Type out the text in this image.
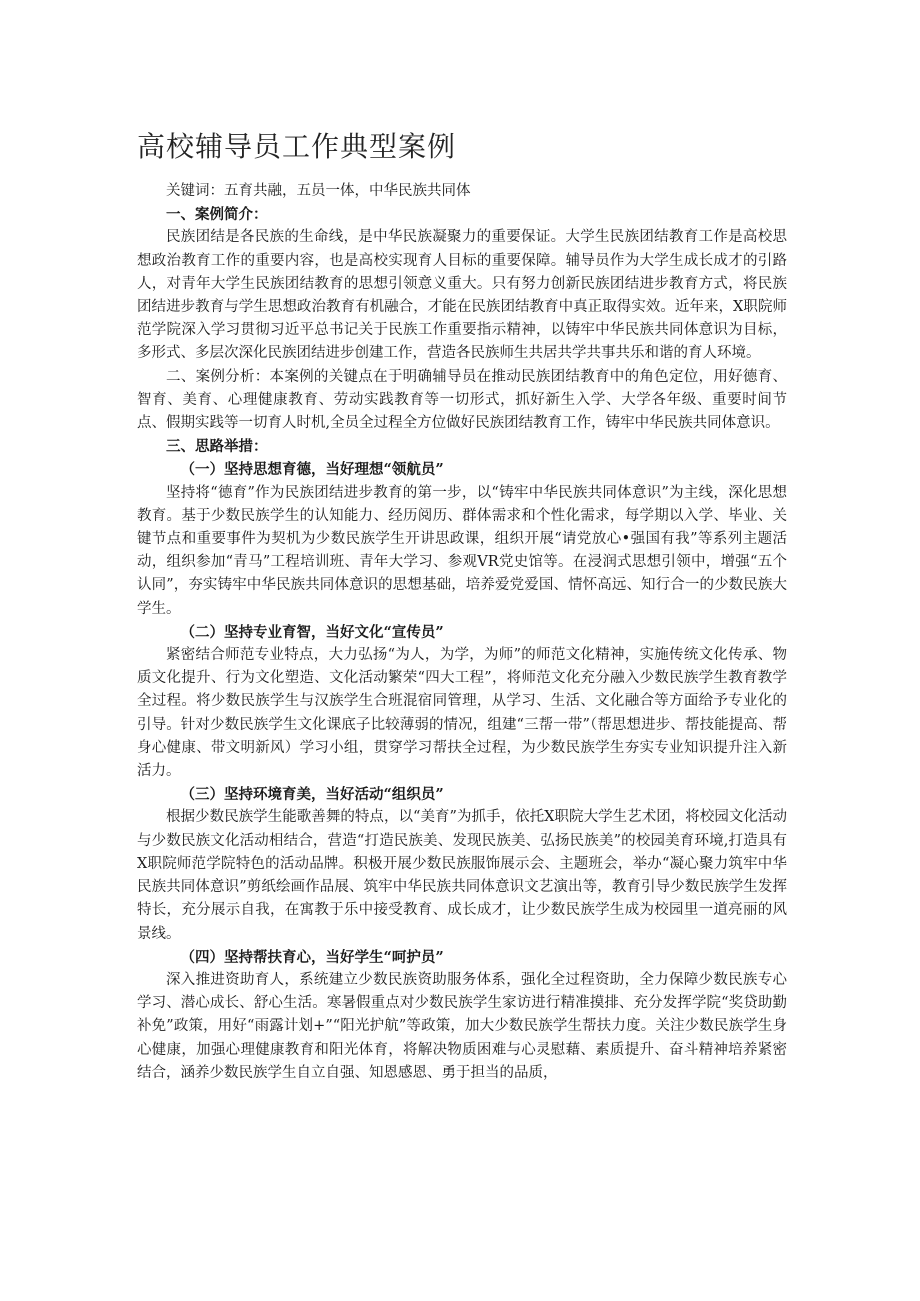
高校辅导员工作典型案例

关键词：五育共融，五员一体，中华民族共同体

一、案例简介：

民族团结是各民族的生命线，是中华民族凝聚力的重要保证。大学生民族团结教育工作是高校思想政治教育工作的重要内容，也是高校实现育人目标的重要保障。辅导员作为大学生成长成才的引路人，对青年大学生民族团结教育的思想引领意义重大。只有努力创新民族团结进步教育方式，将民族团结进步教育与学生思想政治教育有机融合，才能在民族团结教育中真正取得实效。近年来，X职院师范学院深入学习贯彻习近平总书记关于民族工作重要指示精神，以铸牢中华民族共同体意识为目标，多形式、多层次深化民族团结进步创建工作，营造各民族师生共居共学共事共乐和谐的育人环境。

二、案例分析：本案例的关键点在于明确辅导员在推动民族团结教育中的角色定位，用好德育、智育、美育、心理健康教育、劳动实践教育等一切形式，抓好新生入学、大学各年级、重要时间节点、假期实践等一切育人时机,全员全过程全方位做好民族团结教育工作，铸牢中华民族共同体意识。

三、思路举措：

（一）坚持思想育德，当好理想“领航员”

坚持将“德育”作为民族团结进步教育的第一步，以“铸牢中华民族共同体意识”为主线，深化思想教育。基于少数民族学生的认知能力、经历阅历、群体需求和个性化需求，每学期以入学、毕业、关键节点和重要事件为契机为少数民族学生开讲思政课，组织开展“请党放心•强国有我”等系列主题活动，组织参加“青马”工程培训班、青年大学习、参观VR党史馆等。在浸润式思想引领中，增强“五个认同”，夯实铸牢中华民族共同体意识的思想基础，培养爱党爱国、情怀高远、知行合一的少数民族大学生。

（二）坚持专业育智，当好文化“宣传员”

紧密结合师范专业特点，大力弘扬“为人，为学，为师”的师范文化精神，实施传统文化传承、物质文化提升、行为文化塑造、文化活动繁荣“四大工程”，将师范文化充分融入少数民族学生教育教学全过程。将少数民族学生与汉族学生合班混宿同管理，从学习、生活、文化融合等方面给予专业化的引导。针对少数民族学生文化课底子比较薄弱的情况，组建“三帮一带”（帮思想进步、帮技能提高、帮身心健康、带文明新风）学习小组，贯穿学习帮扶全过程，为少数民族学生夯实专业知识提升注入新活力。

（三）坚持环境育美，当好活动“组织员”

根据少数民族学生能歌善舞的特点，以“美育”为抓手，依托X职院大学生艺术团，将校园文化活动与少数民族文化活动相结合，营造“打造民族美、发现民族美、弘扬民族美”的校园美育环境,打造具有X职院师范学院特色的活动品牌。积极开展少数民族服饰展示会、主题班会，举办“凝心聚力筑牢中华民族共同体意识”剪纸绘画作品展、筑牢中华民族共同体意识文艺演出等，教育引导少数民族学生发挥特长，充分展示自我，在寓教于乐中接受教育、成长成才，让少数民族学生成为校园里一道亮丽的风景线。

（四）坚持帮扶育心，当好学生“呵护员”

深入推进资助育人，系统建立少数民族资助服务体系，强化全过程资助，全力保障少数民族专心学习、潜心成长、舒心生活。寒暑假重点对少数民族学生家访进行精准摸排、充分发挥学院“奖贷助勤补免”政策，用好“雨露计划+”“阳光护航”等政策，加大少数民族学生帮扶力度。关注少数民族学生身心健康，加强心理健康教育和阳光体育，将解决物质困难与心灵慰藉、素质提升、奋斗精神培养紧密结合，涵养少数民族学生自立自强、知恩感恩、勇于担当的品质，
